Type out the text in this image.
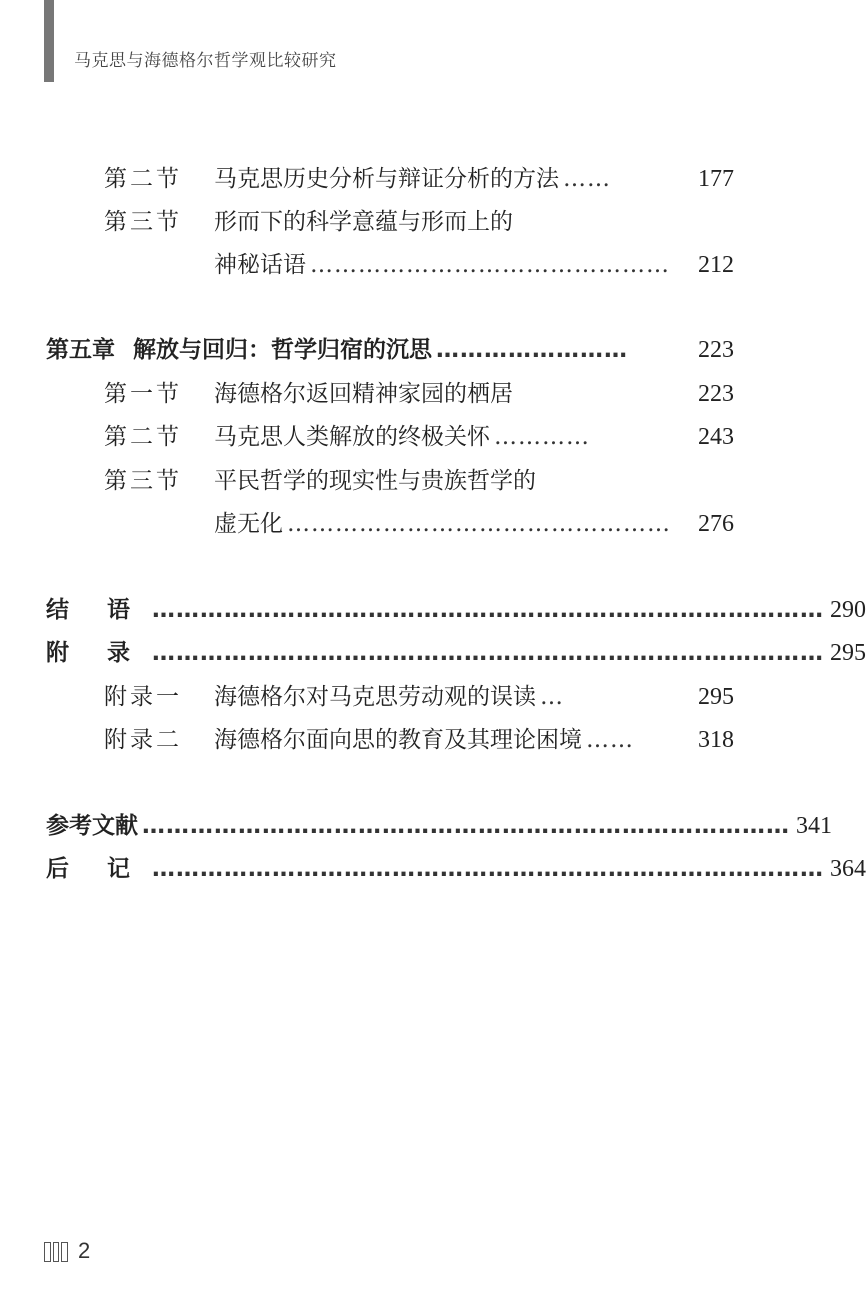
马克思与海德格尔哲学观比较研究
第二节	马克思历史分析与辩证分析的方法 ……	177
第三节	形而下的科学意蕴与形而上的
神秘话语 ………………………………………	212
第五章 解放与回归：哲学归宿的沉思 ……………………	223
第一节	海德格尔返回精神家园的栖居	223
第二节	马克思人类解放的终极关怀 …………	243
第三节	平民哲学的现实性与贵族哲学的
虚无化 …………………………………………	276
结 语 ………………………………………………………………………… 290
附 录 ………………………………………………………………………… 295
附录一	海德格尔对马克思劳动观的误读 …	295
附录二	海德格尔面向思的教育及其理论困境 ……	318
参考文献 ……………………………………………………………………… 341
后 记 ………………………………………………………………………… 364
2
